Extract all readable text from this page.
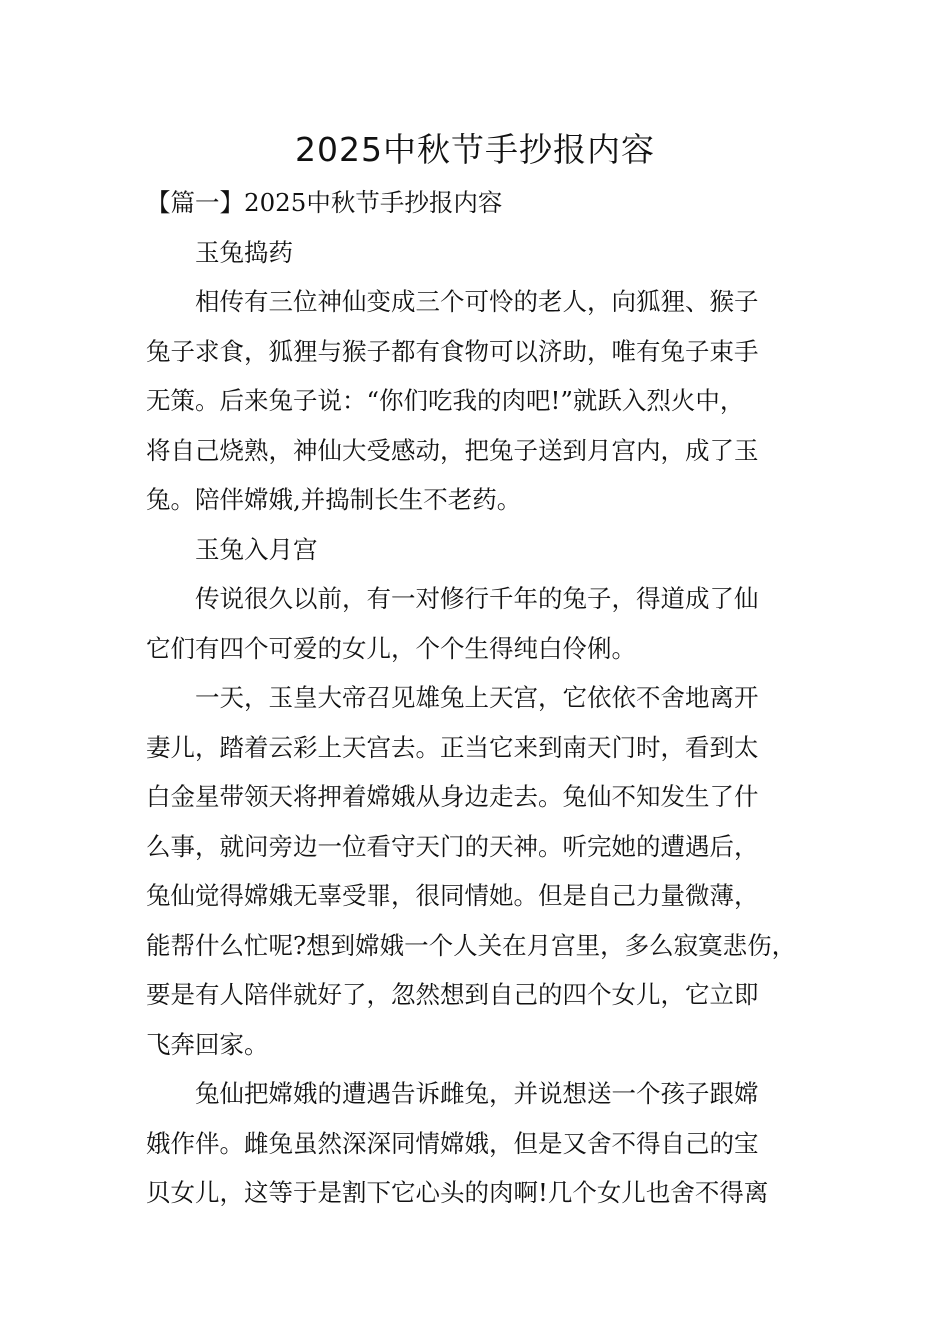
2025中秋节手抄报内容

【篇一】2025中秋节手抄报内容

玉兔捣药

相传有三位神仙变成三个可怜的老人，向狐狸、猴子
兔子求食，狐狸与猴子都有食物可以济助，唯有兔子束手
无策。后来兔子说：“你们吃我的肉吧!”就跃入烈火中，
将自己烧熟，神仙大受感动，把兔子送到月宫内，成了玉
兔。陪伴嫦娥,并捣制长生不老药。

玉兔入月宫

传说很久以前，有一对修行千年的兔子，得道成了仙
它们有四个可爱的女儿，个个生得纯白伶俐。

一天，玉皇大帝召见雄兔上天宫，它依依不舍地离开
妻儿，踏着云彩上天宫去。正当它来到南天门时，看到太
白金星带领天将押着嫦娥从身边走去。兔仙不知发生了什
么事，就问旁边一位看守天门的天神。听完她的遭遇后，
兔仙觉得嫦娥无辜受罪，很同情她。但是自己力量微薄，
能帮什么忙呢?想到嫦娥一个人关在月宫里，多么寂寞悲伤，
要是有人陪伴就好了，忽然想到自己的四个女儿，它立即
飞奔回家。

兔仙把嫦娥的遭遇告诉雌兔，并说想送一个孩子跟嫦
娥作伴。雌兔虽然深深同情嫦娥，但是又舍不得自己的宝
贝女儿，这等于是割下它心头的肉啊!几个女儿也舍不得离
